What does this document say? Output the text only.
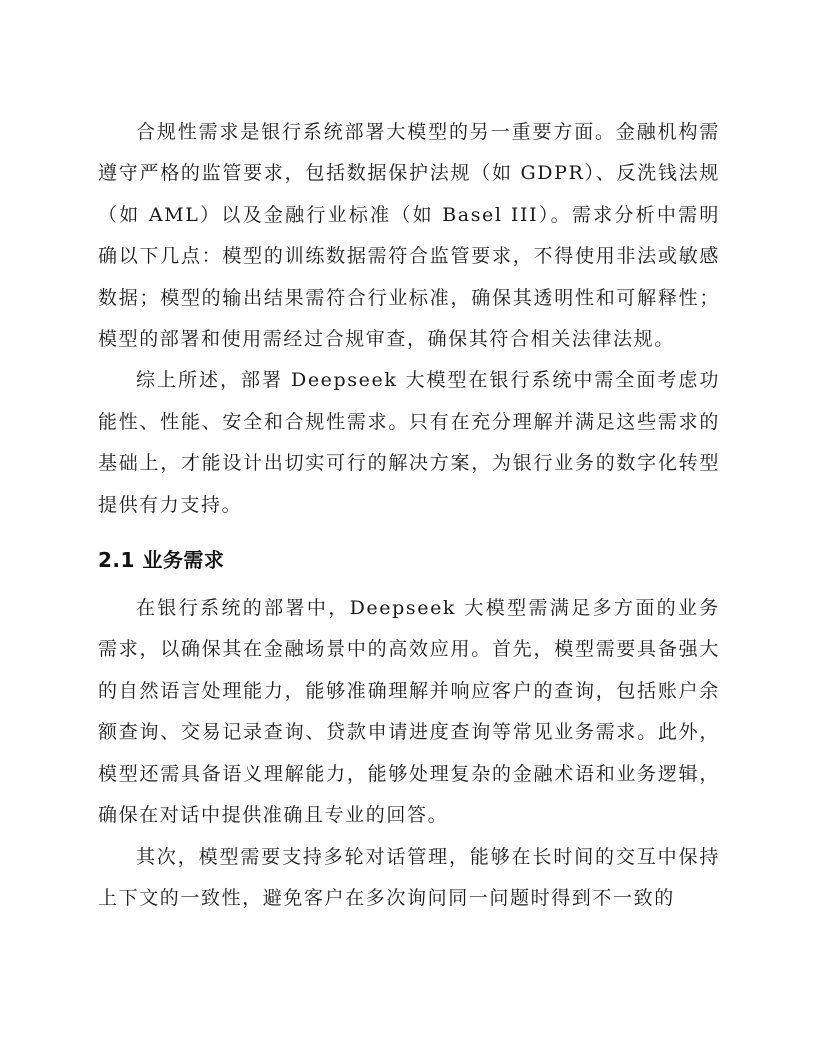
合规性需求是银行系统部署大模型的另一重要方面。金融机构需遵守严格的监管要求，包括数据保护法规（如 GDPR）、反洗钱法规（如 AML）以及金融行业标准（如 Basel III）。需求分析中需明确以下几点：模型的训练数据需符合监管要求，不得使用非法或敏感数据；模型的输出结果需符合行业标准，确保其透明性和可解释性；模型的部署和使用需经过合规审查，确保其符合相关法律法规。

综上所述，部署 Deepseek 大模型在银行系统中需全面考虑功能性、性能、安全和合规性需求。只有在充分理解并满足这些需求的基础上，才能设计出切实可行的解决方案，为银行业务的数字化转型提供有力支持。

2.1 业务需求

在银行系统的部署中，Deepseek 大模型需满足多方面的业务需求，以确保其在金融场景中的高效应用。首先，模型需要具备强大的自然语言处理能力，能够准确理解并响应客户的查询，包括账户余额查询、交易记录查询、贷款申请进度查询等常见业务需求。此外，模型还需具备语义理解能力，能够处理复杂的金融术语和业务逻辑，确保在对话中提供准确且专业的回答。

其次，模型需要支持多轮对话管理，能够在长时间的交互中保持上下文的一致性，避免客户在多次询问同一问题时得到不一致的
